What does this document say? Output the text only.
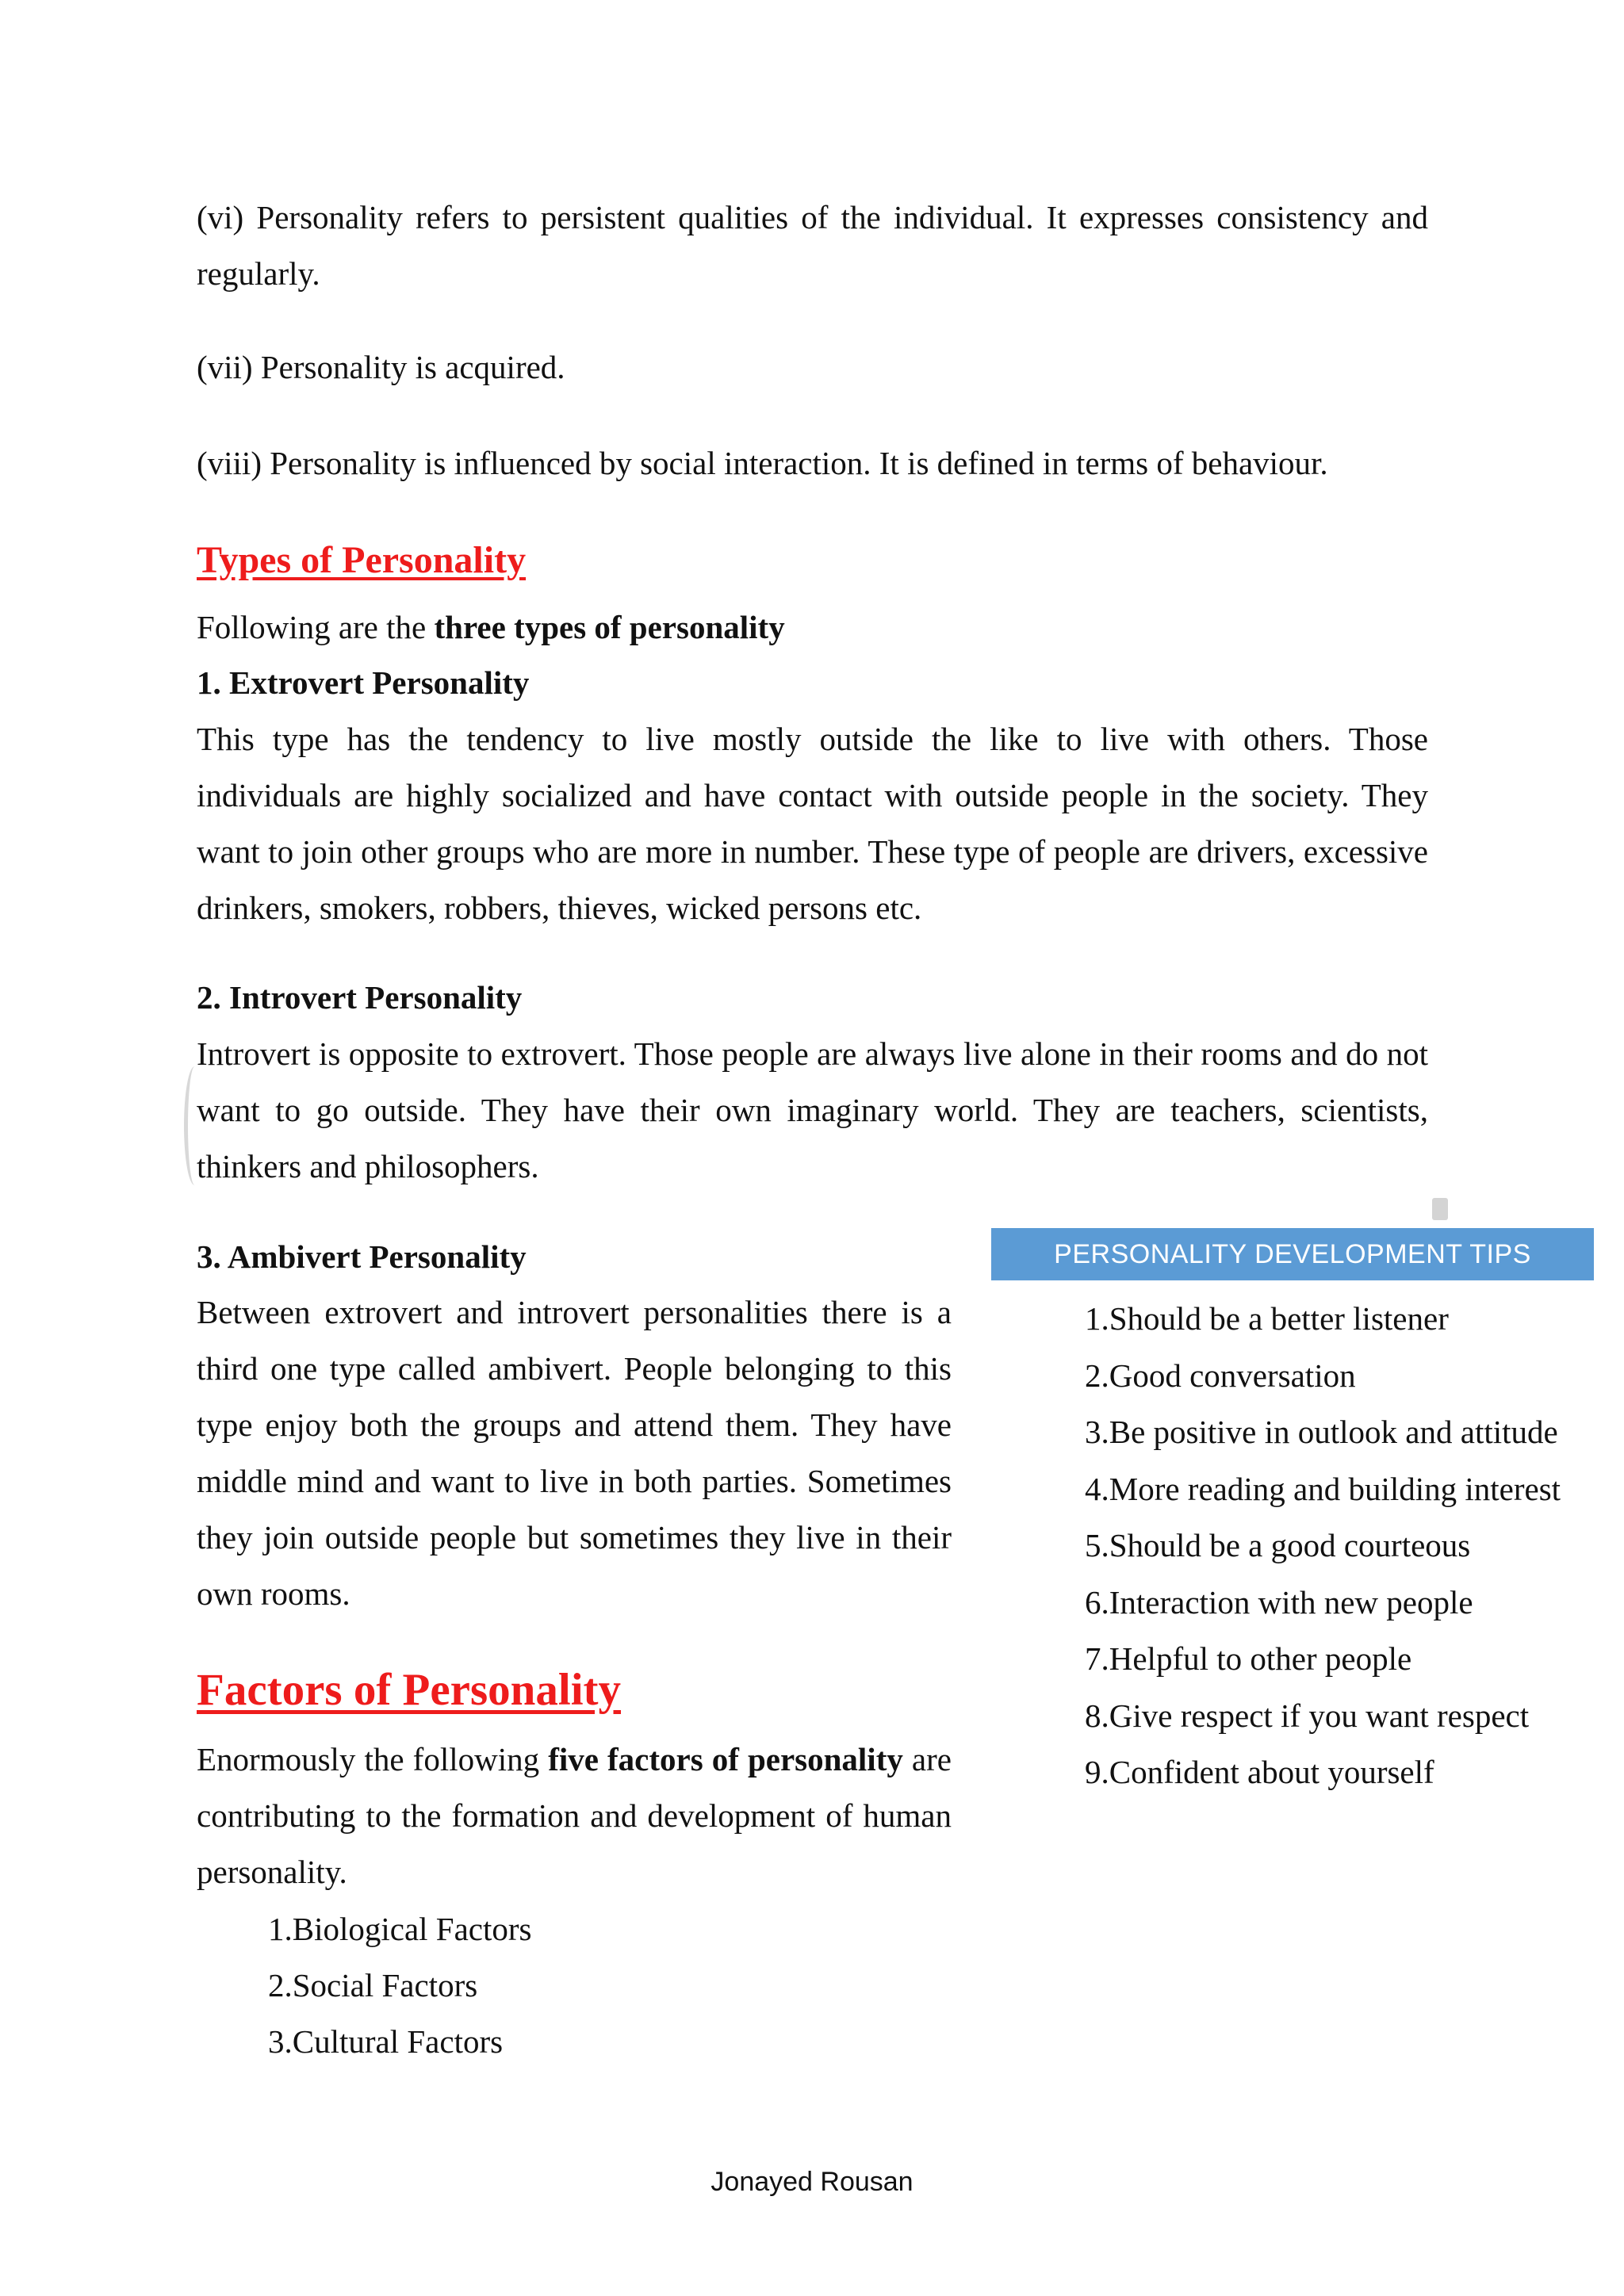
(vi) Personality refers to persistent qualities of the individual. It expresses consistency and regularly.

(vii) Personality is acquired.

(viii) Personality is influenced by social interaction. It is defined in terms of behaviour.

Types of Personality

Following are the three types of personality

1. Extrovert Personality

This type has the tendency to live mostly outside the like to live with others. Those individuals are highly socialized and have contact with outside people in the society. They want to join other groups who are more in number. These type of people are drivers, excessive drinkers, smokers, robbers, thieves, wicked persons etc.

2. Introvert Personality

Introvert is opposite to extrovert. Those people are always live alone in their rooms and do not want to go outside. They have their own imaginary world. They are teachers, scientists, thinkers and philosophers.

3. Ambivert Personality

Between extrovert and introvert personalities there is a third one type called ambivert. People belonging to this type enjoy both the groups and attend them. They have middle mind and want to live in both parties. Sometimes they join outside people but sometimes they live in their own rooms.

Factors of Personality

Enormously the following five factors of personality are contributing to the formation and development of human personality.

1.Biological Factors
2.Social Factors
3.Cultural Factors
PERSONALITY DEVELOPMENT TIPS
1.Should be a better listener
2.Good conversation
3.Be positive in outlook and attitude
4.More reading and building interest
5.Should be a good courteous
6.Interaction with new people
7.Helpful to other people
8.Give respect if you want respect
9.Confident about yourself
Jonayed Rousan
